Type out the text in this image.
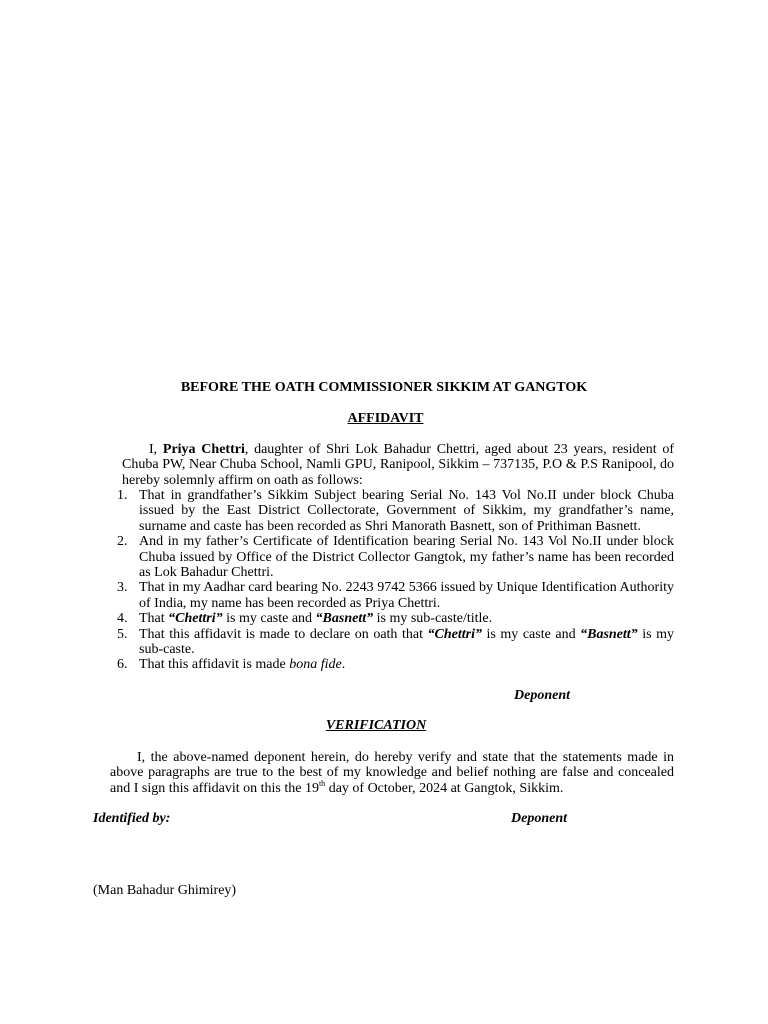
BEFORE THE OATH COMMISSIONER SIKKIM AT GANGTOK
AFFIDAVIT
I, Priya Chettri, daughter of Shri Lok Bahadur Chettri, aged about 23 years, resident of Chuba PW, Near Chuba School, Namli GPU, Ranipool, Sikkim – 737135, P.O & P.S Ranipool, do hereby solemnly affirm on oath as follows:
1. That in grandfather’s Sikkim Subject bearing Serial No. 143 Vol No.II under block Chuba issued by the East District Collectorate, Government of Sikkim, my grandfather’s name, surname and caste has been recorded as Shri Manorath Basnett, son of Prithiman Basnett.
2. And in my father’s Certificate of Identification bearing Serial No. 143 Vol No.II under block Chuba issued by Office of the District Collector Gangtok, my father’s name has been recorded as Lok Bahadur Chettri.
3. That in my Aadhar card bearing No. 2243 9742 5366 issued by Unique Identification Authority of India, my name has been recorded as Priya Chettri.
4. That “Chettri” is my caste and “Basnett” is my sub-caste/title.
5. That this affidavit is made to declare on oath that “Chettri” is my caste and “Basnett” is my sub-caste.
6. That this affidavit is made bona fide.
Deponent
VERIFICATION
I, the above-named deponent herein, do hereby verify and state that the statements made in above paragraphs are true to the best of my knowledge and belief nothing are false and concealed and I sign this affidavit on this the 19th day of October, 2024 at Gangtok, Sikkim.
Identified by:	Deponent
(Man Bahadur Ghimirey)
